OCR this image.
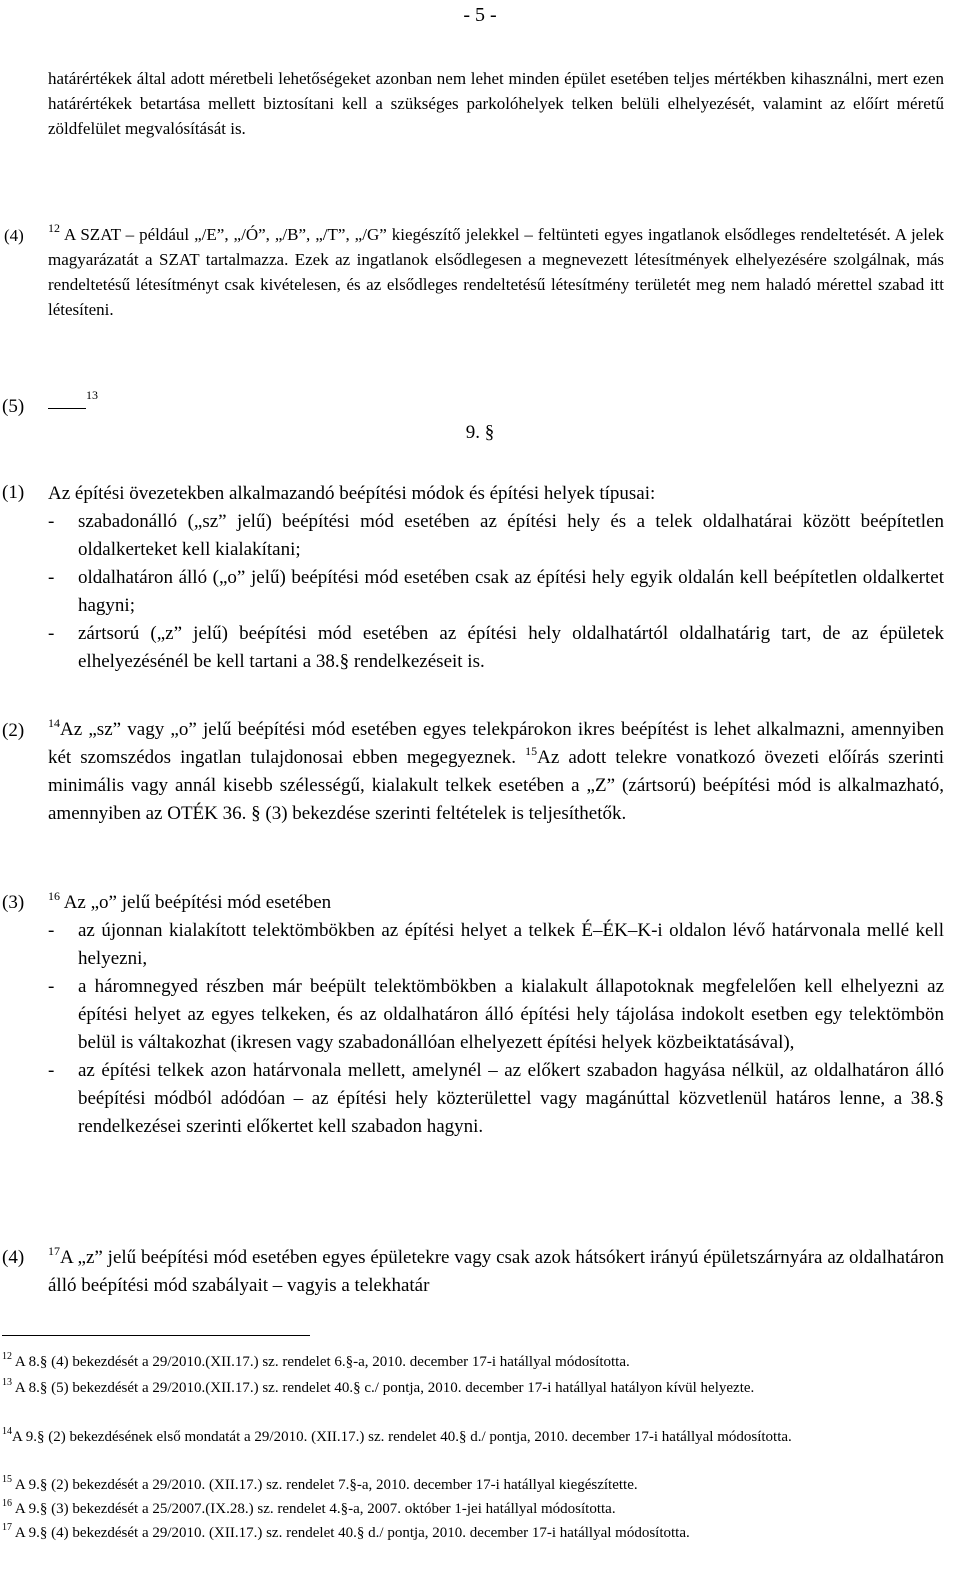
- 5 -
határértékek által adott méretbeli lehetőségeket azonban nem lehet minden épület esetében teljes mértékben kihasználni, mert ezen határértékek betartása mellett biztosítani kell a szükséges parkolóhelyek telken belüli elhelyezését, valamint az előírt méretű zöldfelület megvalósítását is.
(4) $^{12}$ A SZAT – például „/E”, „/Ó”, „/B”, „/T”, „/G” kiegészítő jelekkel – feltünteti egyes ingatlanok elsődleges rendeltetését. A jelek magyarázatát a SZAT tartalmazza. Ezek az ingatlanok elsődlegesen a megnevezett létesítmények elhelyezésére szolgálnak, más rendeltetésű létesítményt csak kivételesen, és az elsődleges rendeltetésű létesítmény területét meg nem haladó mérettel szabad itt létesíteni.
(5)
$^{13}$
9. §
(1) Az építési övezetekben alkalmazandó beépítési módok és építési helyek típusai:
-	szabadonálló („sz” jelű) beépítési mód esetében az építési hely és a telek oldalhatárai között beépítetlen oldalkerteket kell kialakítani;
-	oldalhatáron álló („o” jelű) beépítési mód esetében csak az építési hely egyik oldalán kell beépítetlen oldalkertet hagyni;
-	zártsorú („z” jelű) beépítési mód esetében az építési hely oldalhatártól oldalhatárig tart, de az épületek elhelyezésénél be kell tartani a 38.§ rendelkezéseit is.
(2) $^{14}$Az „sz” vagy „o” jelű beépítési mód esetében egyes telekpárokon ikres beépítést is lehet alkalmazni, amennyiben két szomszédos ingatlan tulajdonosai ebben megegyeznek. $^{15}$Az adott telekre vonatkozó övezeti előírás szerinti minimális vagy annál kisebb szélességű, kialakult telkek esetében a „Z” (zártsorú) beépítési mód is alkalmazható, amennyiben az OTÉK 36. § (3) bekezdése szerinti feltételek is teljesíthetők.
(3) $^{16}$ Az „o” jelű beépítési mód esetében
-	az újonnan kialakított telektömbökben az építési helyet a telkek É–ÉK–K-i oldalon lévő határvonala mellé kell helyezni,
-	a háromnegyed részben már beépült telektömbökben a kialakult állapotoknak megfelelően kell elhelyezni az építési helyet az egyes telkeken, és az oldalhatáron álló építési hely tájolása indokolt esetben egy telektömbön belül is váltakozhat (ikresen vagy szabadonállóan elhelyezett építési helyek közbeiktatásával),
-	az építési telkek azon határvonala mellett, amelynél – az előkert szabadon hagyása nélkül, az oldalhatáron álló beépítési módból adódóan – az építési hely közterülettel vagy magánúttal közvetlenül határos lenne, a 38.§ rendelkezései szerinti előkertet kell szabadon hagyni.
(4) $^{17}$A „z” jelű beépítési mód esetében egyes épületekre vagy csak azok hátsókert irányú épületszárnyára az oldalhatáron álló beépítési mód szabályait – vagyis a telekhatár
$^{12}$ A 8.§ (4) bekezdését a 29/2010.(XII.17.) sz. rendelet 6.§-a, 2010. december 17-i hatállyal módosította.
$^{13}$ A 8.§ (5) bekezdését a 29/2010.(XII.17.) sz. rendelet 40.§ c./ pontja, 2010. december 17-i hatállyal hatályon kívül helyezte.
$^{14}$A 9.§ (2) bekezdésének első mondatát a 29/2010. (XII.17.) sz. rendelet 40.§ d./ pontja, 2010. december 17-i hatállyal módosította.
$^{15}$ A 9.§ (2) bekezdését a 29/2010. (XII.17.) sz. rendelet 7.§-a, 2010. december 17-i hatállyal kiegészítette.
$^{16}$ A 9.§ (3) bekezdését a 25/2007.(IX.28.) sz. rendelet 4.§-a, 2007. október 1-jei hatállyal módosította.
$^{17}$ A 9.§ (4) bekezdését a 29/2010. (XII.17.) sz. rendelet 40.§ d./ pontja, 2010. december 17-i hatállyal módosította.
